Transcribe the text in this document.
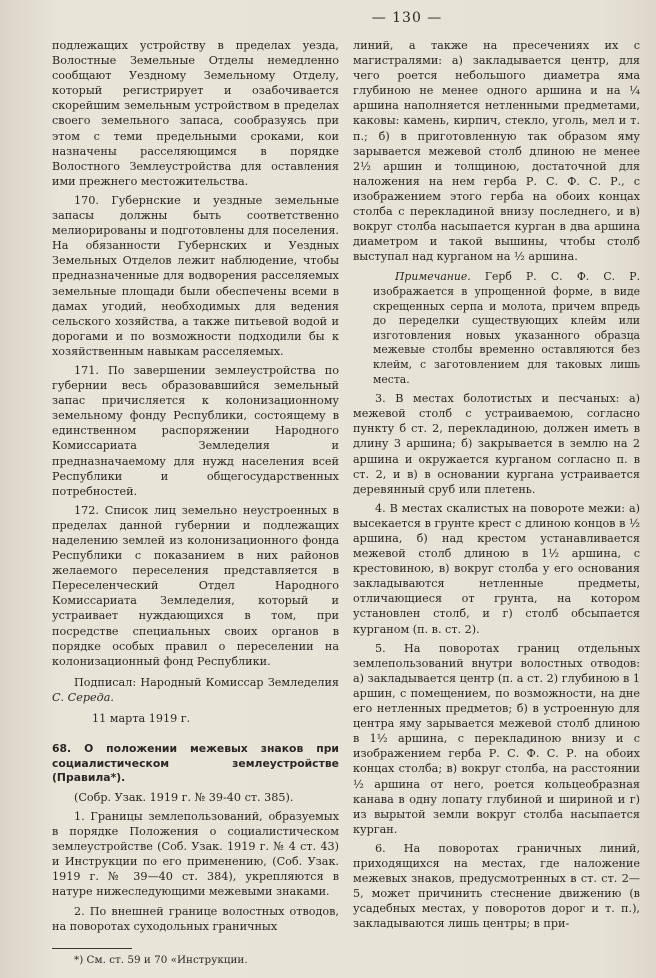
— 130 —

подлежащих устройству в пределах уезда, Волостные Земельные Отделы немедленно сообщают Уездному Земельному Отделу, который регистрирует и озабочивается скорейшим земельным устройством в пределах своего земельного запаса, сообразуясь при этом с теми предельными сроками, кои назначены расселяющимся в порядке Волостного Землеустройства для оставления ими прежнего местожительства.

170. Губернские и уездные земельные запасы должны быть соответственно мелиорированы и подготовлены для поселения. На обязанности Губернских и Уездных Земельных Отделов лежит наблюдение, чтобы предназначенные для водворения расселяемых земельные площади были обеспечены всеми в дамах угодий, необходимых для ведения сельского хозяйства, а также питьевой водой и дорогами и по возможности подходили бы к хозяйственным навыкам расселяемых.

171. По завершении землеустройства по губернии весь образовавшийся земельный запас причисляется к колонизационному земельному фонду Республики, состоящему в единственном распоряжении Народного Комиссариата Земледелия и предназначаемому для нужд населения всей Республики и общегосударственных потребностей.

172. Список лиц земельно неустроенных в пределах данной губернии и подлежащих наделению землей из колонизационного фонда Республики с показанием в них районов желаемого переселения представляется в Переселенческий Отдел Народного Комиссариата Земледелия, который и устраивает нуждающихся в том, при посредстве специальных своих органов в порядке особых правил о переселении на колонизационный фонд Республики.

Подписал: Народный Комиссар Земледелия С. Середа.

11 марта 1919 г.

68. О положении межевых знаков при социалистическом землеустройстве (Правила*).

(Собр. Узак. 1919 г. № 39-40 ст. 385).

1. Границы землепользований, образуемых в порядке Положения о социалистическом землеустройстве (Соб. Узак. 1919 г. № 4 ст. 43) и Инструкции по его применению, (Соб. Узак. 1919 г. № 39—40 ст. 384), укрепляются в натуре нижеследующими межевыми знаками.

2. По внешней границе волостных отводов, на поворотах суходольных граничных

*) См. ст. 59 и 70 «Инструкции.

линий, а также на пресечениях их с магистралями: а) закладывается центр, для чего роется небольшого диаметра яма глубиною не менее одного аршина и на ¼ аршина наполняется нетленными предметами, каковы: камень, кирпич, стекло, уголь, мел и т. п.; б) в приготовленную так образом яму зарывается межевой столб длиною не менее 2½ аршин и толщиною, достаточной для наложения на нем герба Р. С. Ф. С. Р., с изображением этого герба на обоих концах столба с перекладиной внизу последнего, и в) вокруг столба насыпается курган в два аршина диаметром и такой вышины, чтобы столб выступал над курганом на ½ аршина.

Примечание. Герб Р. С. Ф. С. Р. изображается в упрощенной форме, в виде скрещенных серпа и молота, причем впредь до переделки существующих клейм или изготовления новых указанного образца межевые столбы временно оставляются без клейм, с заготовлением для таковых лишь места.

3. В местах болотистых и песчаных: а) межевой столб с устраиваемою, согласно пункту б ст. 2, перекладиною, должен иметь в длину 3 аршина; б) закрывается в землю на 2 аршина и окружается курганом согласно п. в ст. 2, и в) в основании кургана устраивается деревянный сруб или плетень.

4. В местах скалистых на повороте межи: а) высекается в грунте крест с длиною концов в ½ аршина, б) над крестом устанавливается межевой столб длиною в 1½ аршина, с крестовиною, в) вокруг столба у его основания закладываются нетленные предметы, отличающиеся от грунта, на котором установлен столб, и г) столб обсыпается курганом (п. в. ст. 2).

5. На поворотах границ отдельных землепользований внутри волостных отводов: а) закладывается центр (п. а ст. 2) глубиною в 1 аршин, с помещением, по возможности, на дне его нетленных предметов; б) в устроенную для центра яму зарывается межевой столб длиною в 1½ аршина, с перекладиною внизу и с изображением герба Р. С. Ф. С. Р. на обоих концах столба; в) вокруг столба, на расстоянии ½ аршина от него, роется кольцеобразная канава в одну лопату глубиной и шириной и г) из вырытой земли вокруг столба насыпается курган.

6. На поворотах граничных линий, приходящихся на местах, где наложение межевых знаков, предусмотренных в ст. ст. 2—5, может причинить стеснение движению (в усадебных местах, у поворотов дорог и т. п.), закладываются лишь центры; в при-
